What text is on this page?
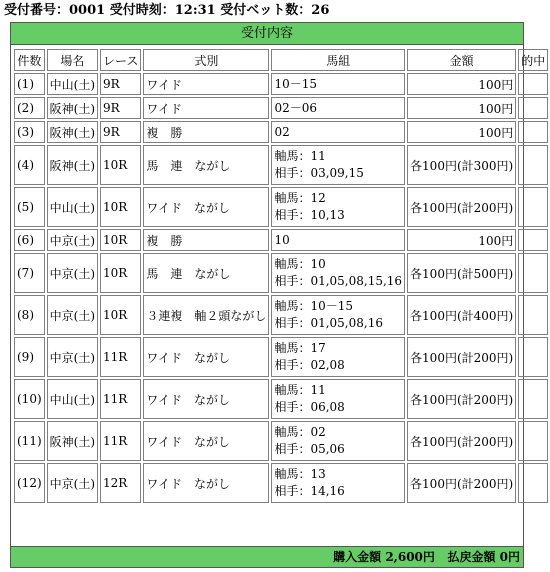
受付番号：0001 受付時刻：12:31 受付ベット数：26
受付内容
件数	場名	レース	式別	馬組	金額	的中
(1)	中山(土)	9R	ワイド	10－15	100円	
(2)	阪神(土)	9R	ワイド	02－06	100円	
(3)	阪神(土)	9R	複　勝	02	100円	
(4)	阪神(土)	10R	馬　連　ながし	軸馬：11
相手：03,09,15	各100円(計300円)	
(5)	中山(土)	10R	ワイド　ながし	軸馬：12
相手：10,13	各100円(計200円)	
(6)	中京(土)	10R	複　勝	10	100円	
(7)	中京(土)	10R	馬　連　ながし	軸馬：10
相手：01,05,08,15,16	各100円(計500円)	
(8)	中京(土)	10R	３連複　軸２頭ながし	軸馬：10－15
相手：01,05,08,16	各100円(計400円)	
(9)	中京(土)	11R	ワイド　ながし	軸馬：17
相手：02,08	各100円(計200円)	
(10)	中山(土)	11R	ワイド　ながし	軸馬：11
相手：06,08	各100円(計200円)	
(11)	阪神(土)	11R	ワイド　ながし	軸馬：02
相手：05,06	各100円(計200円)	
(12)	中京(土)	12R	ワイド　ながし	軸馬：13
相手：14,16	各100円(計200円)	
購入金額 2,600円 払戻金額 0円
